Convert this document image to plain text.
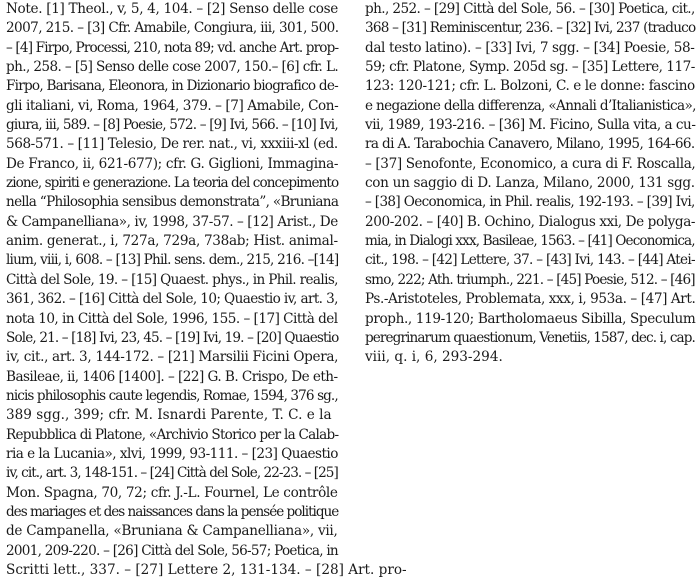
Note. [1] Theol., v, 5, 4, 104. – [2] Senso delle cose
2007, 215. – [3] Cfr. Amabile, Congiura, iii, 301, 500.
– [4] Firpo, Processi, 210, nota 89; vd. anche Art. prop-
ph., 258. – [5] Senso delle cose 2007, 150.– [6] cfr. L.
Firpo, Barisana, Eleonora, in Dizionario biografico de-
gli italiani, vi, Roma, 1964, 379. – [7] Amabile, Con-
giura, iii, 589. – [8] Poesie, 572. – [9] Ivi, 566. – [10] Ivi,
568-571. – [11] Telesio, De rer. nat., vi, xxxiii-xl (ed.
De Franco, ii, 621-677); cfr. G. Giglioni, Immagina-
zione, spiriti e generazione. La teoria del concepimento
nella “Philosophia sensibus demonstrata”, «Bruniana
& Campanelliana», iv, 1998, 37-57. – [12] Arist., De
anim. generat., i, 727a, 729a, 738ab; Hist. animal-
lium, viii, i, 608. – [13] Phil. sens. dem., 215, 216. –[14]
Città del Sole, 19. – [15] Quaest. phys., in Phil. realis,
361, 362. – [16] Città del Sole, 10; Quaestio iv, art. 3,
nota 10, in Città del Sole, 1996, 155. – [17] Città del
Sole, 21. – [18] Ivi, 23, 45. – [19] Ivi, 19. – [20] Quaestio
iv, cit., art. 3, 144-172. – [21] Marsilii Ficini Opera,
Basileae, ii, 1406 [1400]. – [22] G. B. Crispo, De eth-
nicis philosophis caute legendis, Romae, 1594, 376 sg.,
389 sgg., 399; cfr. M. Isnardi Parente, T. C. e la
Repubblica di Platone, «Archivio Storico per la Calab-
ria e la Lucania», xlvi, 1999, 93-111. – [23] Quaestio
iv, cit., art. 3, 148-151. – [24] Città del Sole, 22-23. – [25]
Mon. Spagna, 70, 72; cfr. J.-L. Fournel, Le contrôle
des mariages et des naissances dans la pensée politique
de Campanella, «Bruniana & Campanelliana», vii,
2001, 209-220. – [26] Città del Sole, 56-57; Poetica, in
Scritti lett., 337. – [27] Lettere 2, 131-134. – [28] Art. pro-
ph., 252. – [29] Città del Sole, 56. – [30] Poetica, cit.,
368 – [31] Reminiscentur, 236. – [32] Ivi, 237 (traduco
dal testo latino). – [33] Ivi, 7 sgg. – [34] Poesie, 58-
59; cfr. Platone, Symp. 205d sg. – [35] Lettere, 117-
123: 120-121; cfr. L. Bolzoni, C. e le donne: fascino
e negazione della differenza, «Annali d’Italianistica»,
vii, 1989, 193-216. – [36] M. Ficino, Sulla vita, a cu-
ra di A. Tarabochia Canavero, Milano, 1995, 164-66.
– [37] Senofonte, Economico, a cura di F. Roscalla,
con un saggio di D. Lanza, Milano, 2000, 131 sgg.
– [38] Oeconomica, in Phil. realis, 192-193. – [39] Ivi,
200-202. – [40] B. Ochino, Dialogus xxi, De polyga-
mia, in Dialogi xxx, Basileae, 1563. – [41] Oeconomica,
cit., 198. – [42] Lettere, 37. – [43] Ivi, 143. – [44] Atei-
smo, 222; Ath. triumph., 221. – [45] Poesie, 512. – [46]
Ps.-Aristoteles, Problemata, xxx, i, 953a. – [47] Art.
proph., 119-120; Bartholomaeus Sibilla, Speculum
peregrinarum quaestionum, Venetiis, 1587, dec. i, cap.
viii, q. i, 6, 293-294.
